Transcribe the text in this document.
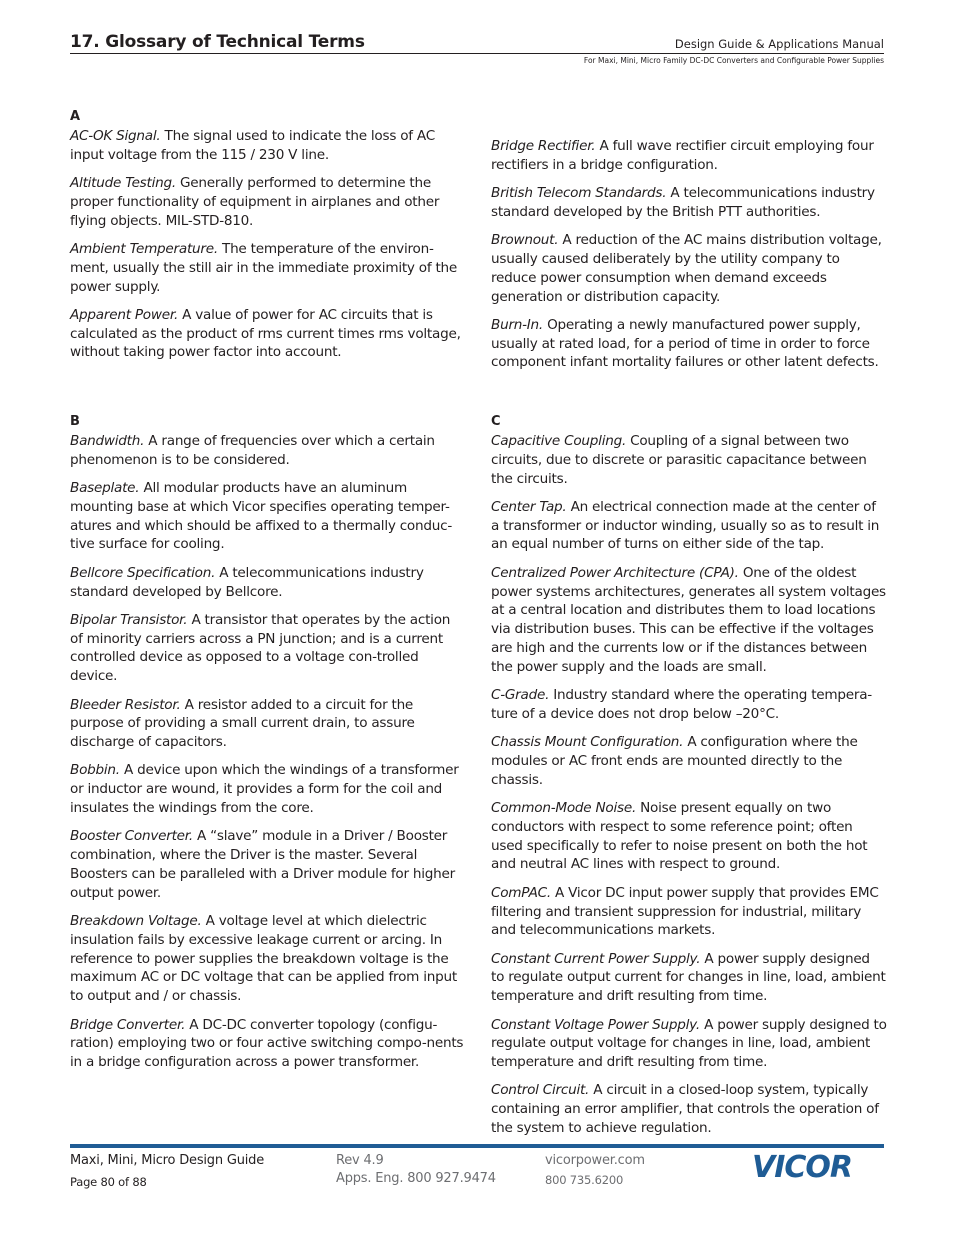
17. Glossary of Technical Terms	Design Guide & Applications Manual
For Maxi, Mini, Micro Family DC-DC Converters and Configurable Power Supplies
A

AC-OK Signal. The signal used to indicate the loss of AC input voltage from the 115 / 230 V line.

Altitude Testing. Generally performed to determine the proper functionality of equipment in airplanes and other flying objects. MIL-STD-810.

Ambient Temperature. The temperature of the environ-ment, usually the still air in the immediate proximity of the power supply.

Apparent Power. A value of power for AC circuits that is calculated as the product of rms current times rms voltage, without taking power factor into account.

Bridge Rectifier. A full wave rectifier circuit employing four rectifiers in a bridge configuration.

British Telecom Standards. A telecommunications industry standard developed by the British PTT authorities.

Brownout. A reduction of the AC mains distribution voltage, usually caused deliberately by the utility company to reduce power consumption when demand exceeds generation or distribution capacity.

Burn-In. Operating a newly manufactured power supply, usually at rated load, for a period of time in order to force component infant mortality failures or other latent defects.

B

Bandwidth. A range of frequencies over which a certain phenomenon is to be considered.

Baseplate. All modular products have an aluminum mounting base at which Vicor specifies operating temper-atures and which should be affixed to a thermally conduc-tive surface for cooling.

Bellcore Specification. A telecommunications industry standard developed by Bellcore.

Bipolar Transistor. A transistor that operates by the action of minority carriers across a PN junction; and is a current controlled device as opposed to a voltage con-trolled device.

Bleeder Resistor. A resistor added to a circuit for the purpose of providing a small current drain, to assure discharge of capacitors.

Bobbin. A device upon which the windings of a transformer or inductor are wound, it provides a form for the coil and insulates the windings from the core.

Booster Converter. A “slave” module in a Driver / Booster combination, where the Driver is the master. Several Boosters can be paralleled with a Driver module for higher output power.

Breakdown Voltage. A voltage level at which dielectric insulation fails by excessive leakage current or arcing. In reference to power supplies the breakdown voltage is the maximum AC or DC voltage that can be applied from input to output and / or chassis.

Bridge Converter. A DC-DC converter topology (configu-ration) employing two or four active switching compo-nents in a bridge configuration across a power transformer.

C

Capacitive Coupling. Coupling of a signal between two circuits, due to discrete or parasitic capacitance between the circuits.

Center Tap. An electrical connection made at the center of a transformer or inductor winding, usually so as to result in an equal number of turns on either side of the tap.

Centralized Power Architecture (CPA). One of the oldest power systems architectures, generates all system voltages at a central location and distributes them to load locations via distribution buses. This can be effective if the voltages are high and the currents low or if the distances between the power supply and the loads are small.

C-Grade. Industry standard where the operating tempera-ture of a device does not drop below –20°C.

Chassis Mount Configuration. A configuration where the modules or AC front ends are mounted directly to the chassis.

Common-Mode Noise. Noise present equally on two conductors with respect to some reference point; often used specifically to refer to noise present on both the hot and neutral AC lines with respect to ground.

ComPAC. A Vicor DC input power supply that provides EMC filtering and transient suppression for industrial, military and telecommunications markets.

Constant Current Power Supply. A power supply designed to regulate output current for changes in line, load, ambient temperature and drift resulting from time.

Constant Voltage Power Supply. A power supply designed to regulate output voltage for changes in line, load, ambient temperature and drift resulting from time.

Control Circuit. A circuit in a closed-loop system, typically containing an error amplifier, that controls the operation of the system to achieve regulation.

Maxi, Mini, Micro Design Guide
Page 80 of 88
Rev 4.9
Apps. Eng. 800 927.9474
vicorpower.com
800 735.6200	VICOR
